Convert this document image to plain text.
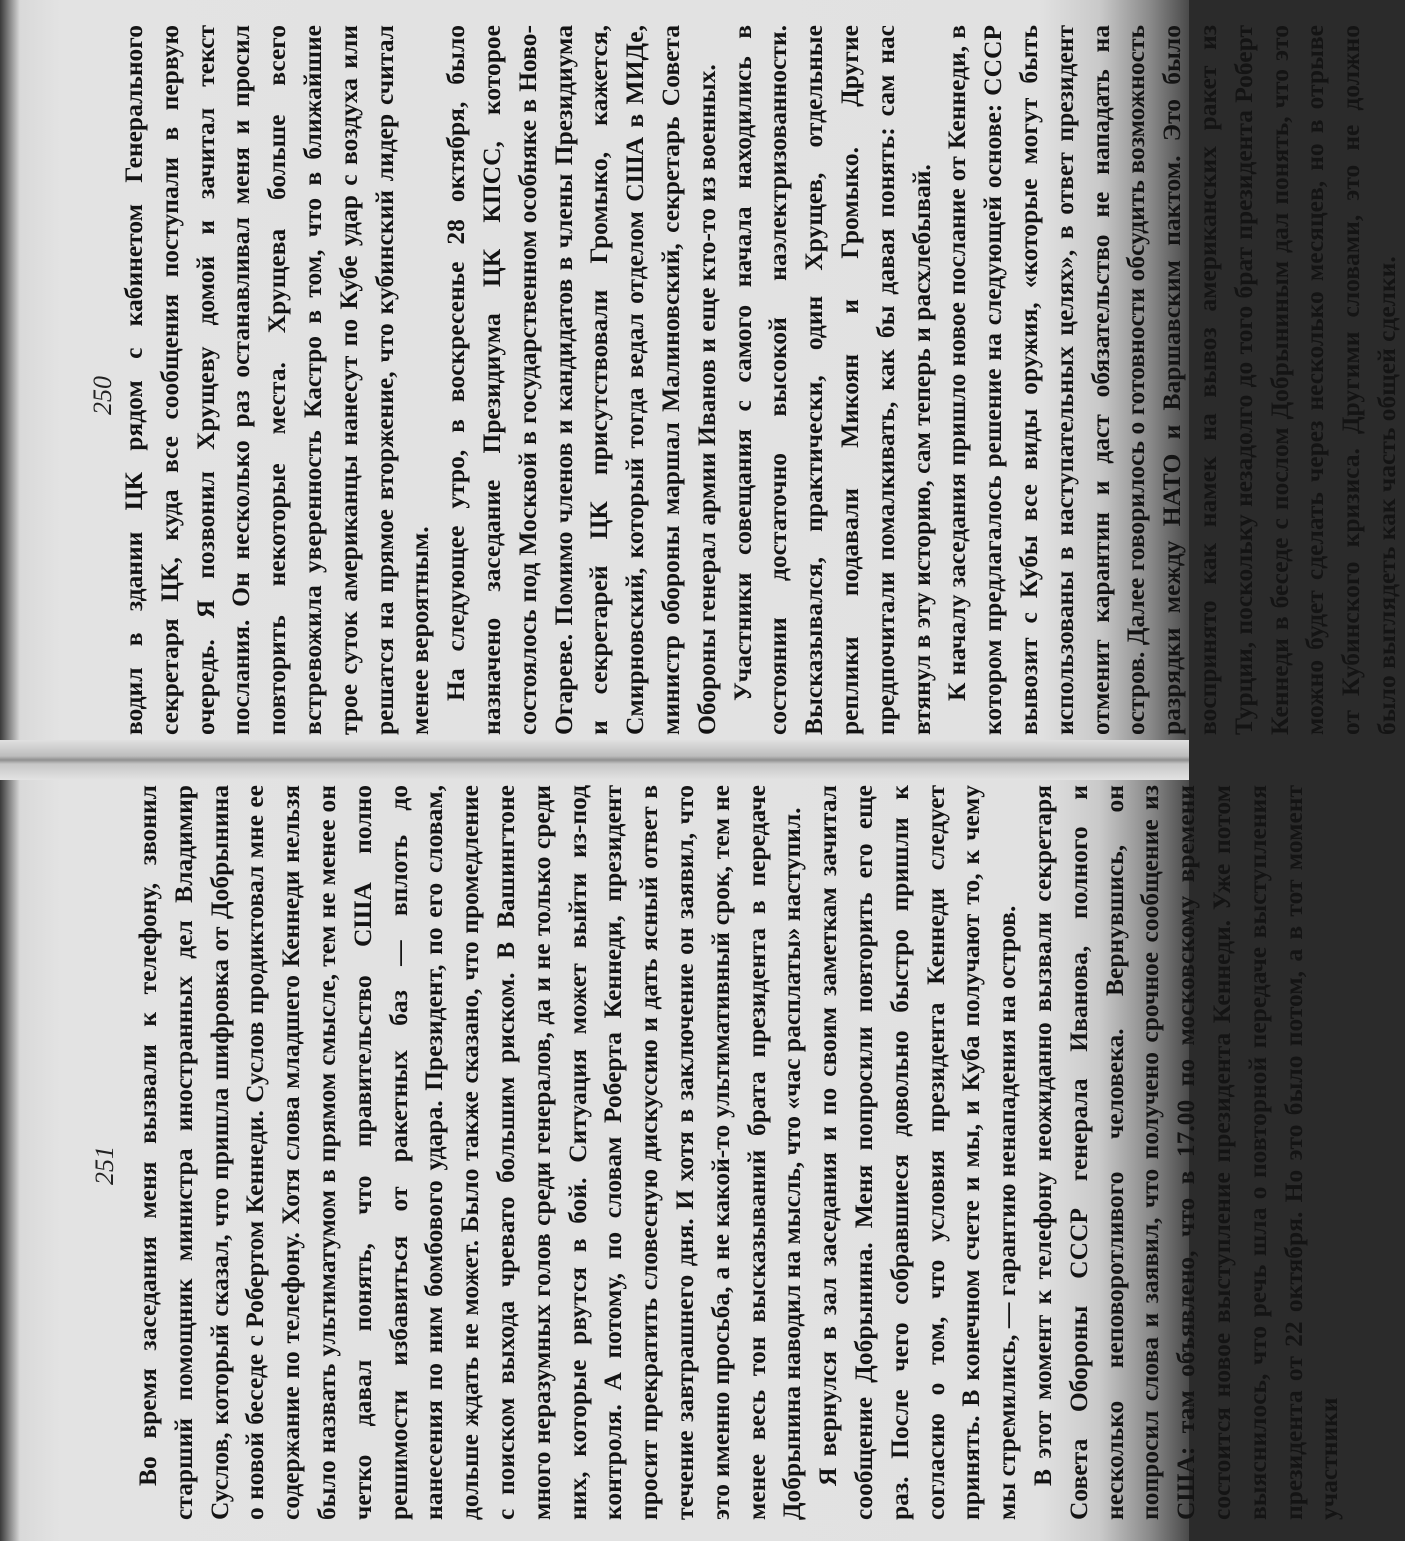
250 водил в здании ЦК рядом с кабинетом Генерального секретаря ЦК, куда все сообщения поступали в первую очередь. Я позвонил Хрущеву домой и зачитал текст послания. Он несколько раз останавливал меня и просил повторить некоторые места. Хрущева больше всего встревожила уверенность Кастро в том, что в ближайшие трое суток американцы нанесут по Кубе удар с воздуха или решатся на прямое вторжение, что кубинский лидер считал менее вероятным. На следующее утро, в воскресенье 28 октября, было назначено заседание Президиума ЦК КПСС, которое состоялось под Москвой в государственном особняке в Ново-Огареве. Помимо членов и кандидатов в члены Президиума и секретарей ЦК присутствовали Громыко, кажется, Смирновский, который тогда ведал отделом США в МИДе, министр обороны маршал Малиновский, секретарь Совета Обороны генерал армии Иванов и еще кто-то из военных. Участники совещания с самого начала находились в состоянии достаточно высокой наэлектризованности. Высказывался, практически, один Хрущев, отдельные реплики подавали Микоян и Громыко. Другие предпочитали помалкивать, как бы давая понять: сам нас втянул в эту историю, сам теперь и расхлебывай. К началу заседания пришло новое послание от Кеннеди, в котором предлагалось решение на следующей основе: СССР вывозит с Кубы все виды оружия, «которые могут быть использованы в наступательных целях», в ответ президент отменит карантин и даст обязательство не нападать на остров. Далее говорилось о готовности обсудить возможность разрядки между НАТО и Варшавским пактом. Это было воспринято как намек на вывоз американских ракет из Турции, поскольку незадолго до того брат президента Роберт Кеннеди в беседе с послом Добрыниным дал понять, что это можно будет сделать через несколько месяцев, но в отрыве от Кубинского кризиса. Другими словами, это не должно было выглядеть как часть общей сделки.

251 Во время заседания меня вызвали к телефону, звонил старший помощник министра иностранных дел Владимир Суслов, который сказал, что пришла шифровка от Добрынина о новой беседе с Робертом Кеннеди. Суслов продиктовал мне ее содержание по телефону. Хотя слова младшего Кеннеди нельзя было назвать ультиматумом в прямом смысле, тем не менее он четко давал понять, что правительство США полно решимости избавиться от ракетных баз — вплоть до нанесения по ним бомбового удара. Президент, по его словам, дольше ждать не может. Было также сказано, что промедление с поиском выхода чревато большим риском. В Вашингтоне много неразумных голов среди генералов, да и не только среди них, которые рвутся в бой. Ситуация может выйти из-под контроля. А потому, по словам Роберта Кеннеди, президент просит прекратить словесную дискуссию и дать ясный ответ в течение завтрашнего дня. И хотя в заключение он заявил, что это именно просьба, а не какой-то ультимативный срок, тем не менее весь тон высказываний брата президента в передаче Добрынина наводил на мысль, что «час расплаты» наступил. Я вернулся в зал заседания и по своим заметкам зачитал сообщение Добрынина. Меня попросили повторить его еще раз. После чего собравшиеся довольно быстро пришли к согласию о том, что условия президента Кеннеди следует принять. В конечном счете и мы, и Куба получают то, к чему мы стремились, — гарантию ненападения на остров. В этот момент к телефону неожиданно вызвали секретаря Совета Обороны СССР генерала Иванова, полного и несколько неповоротливого человека. Вернувшись, он попросил слова и заявил, что получено срочное сообщение из США: там объявлено, что в 17.00 по московскому времени состоится новое выступление президента Кеннеди. Уже потом выяснилось, что речь шла о повторной передаче выступления президента от 22 октября. Но это было потом, а в тот момент участники
